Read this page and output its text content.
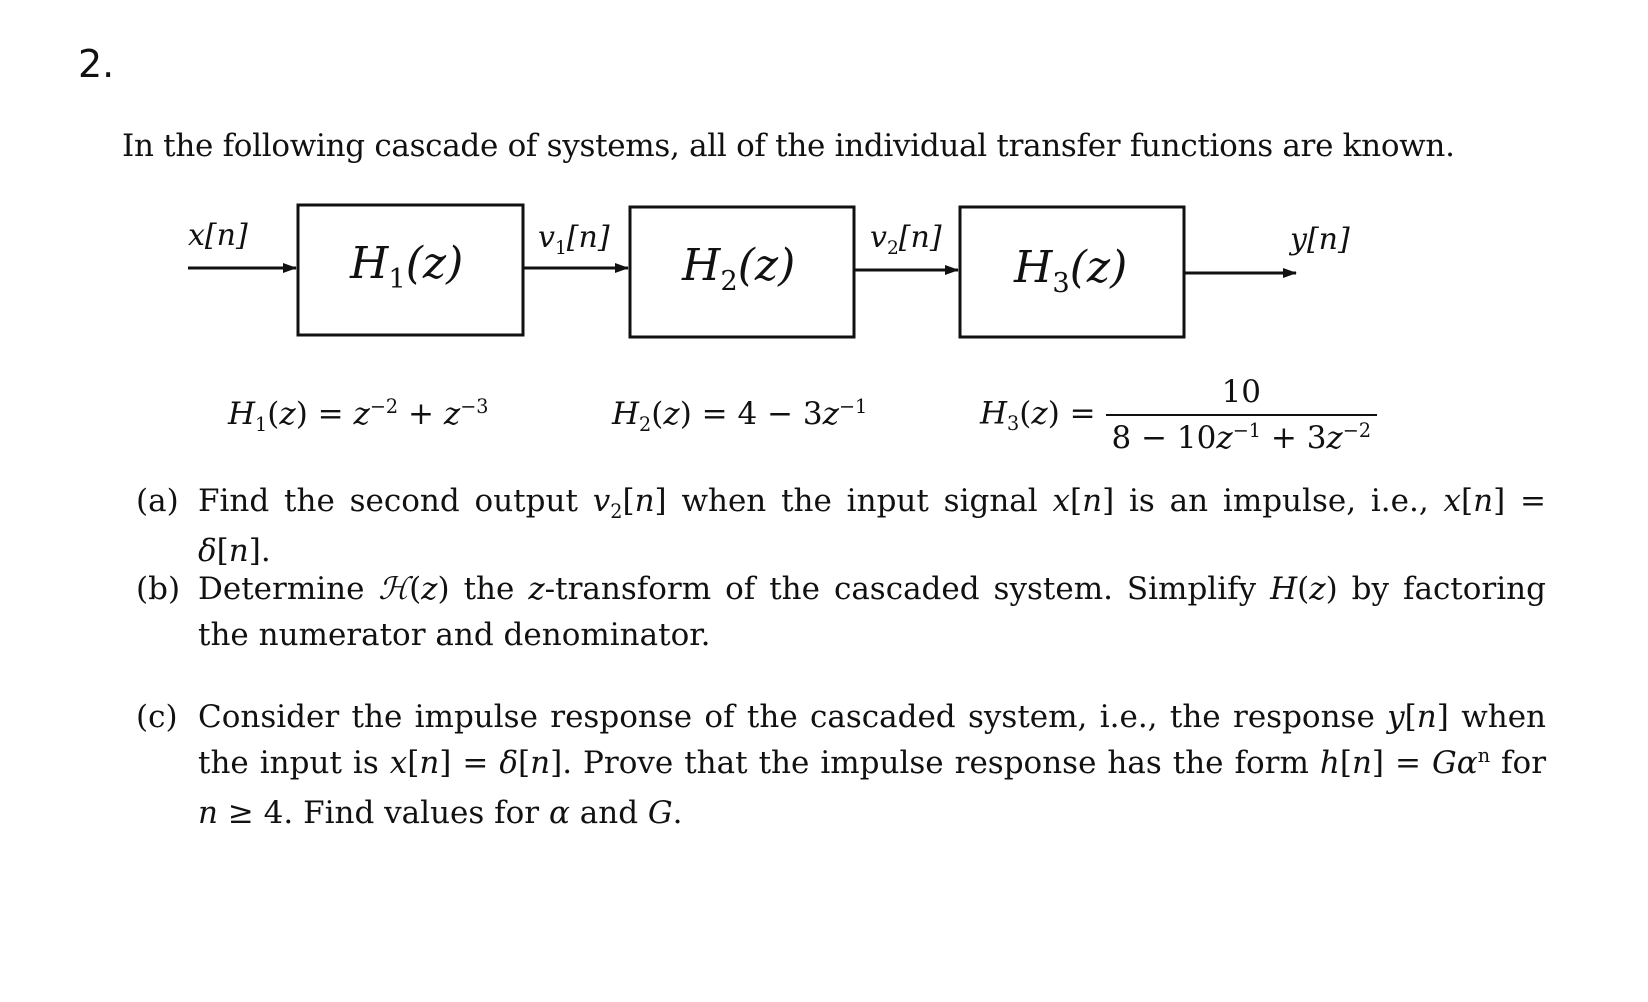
2.
In the following cascade of systems, all of the individual transfer functions are known.
x[n]	$v_1[n]$	$v_2[n]$	y[n]
$H_1(z)$	$H_2(z)$	$H_3(z)$
$H_1(z) = z^{-2} + z^{-3}$	$H_2(z) = 4 - 3z^{-1}$	$H_3(z) = \frac{10}{8 - 10z^{-1} + 3z^{-2}}$
(a) Find the second output $v_2[n]$ when the input signal x[n] is an impulse, i.e., x[n] = δ[n].
(b) Determine ℋ(z) the z-transform of the cascaded system. Simplify H(z) by factoring the numerator and denominator.
(c) Consider the impulse response of the cascaded system, i.e., the response y[n] when the input is x[n] = δ[n]. Prove that the impulse response has the form $h[n] = G\alpha^n$ for n ≥ 4. Find values for α and G.
